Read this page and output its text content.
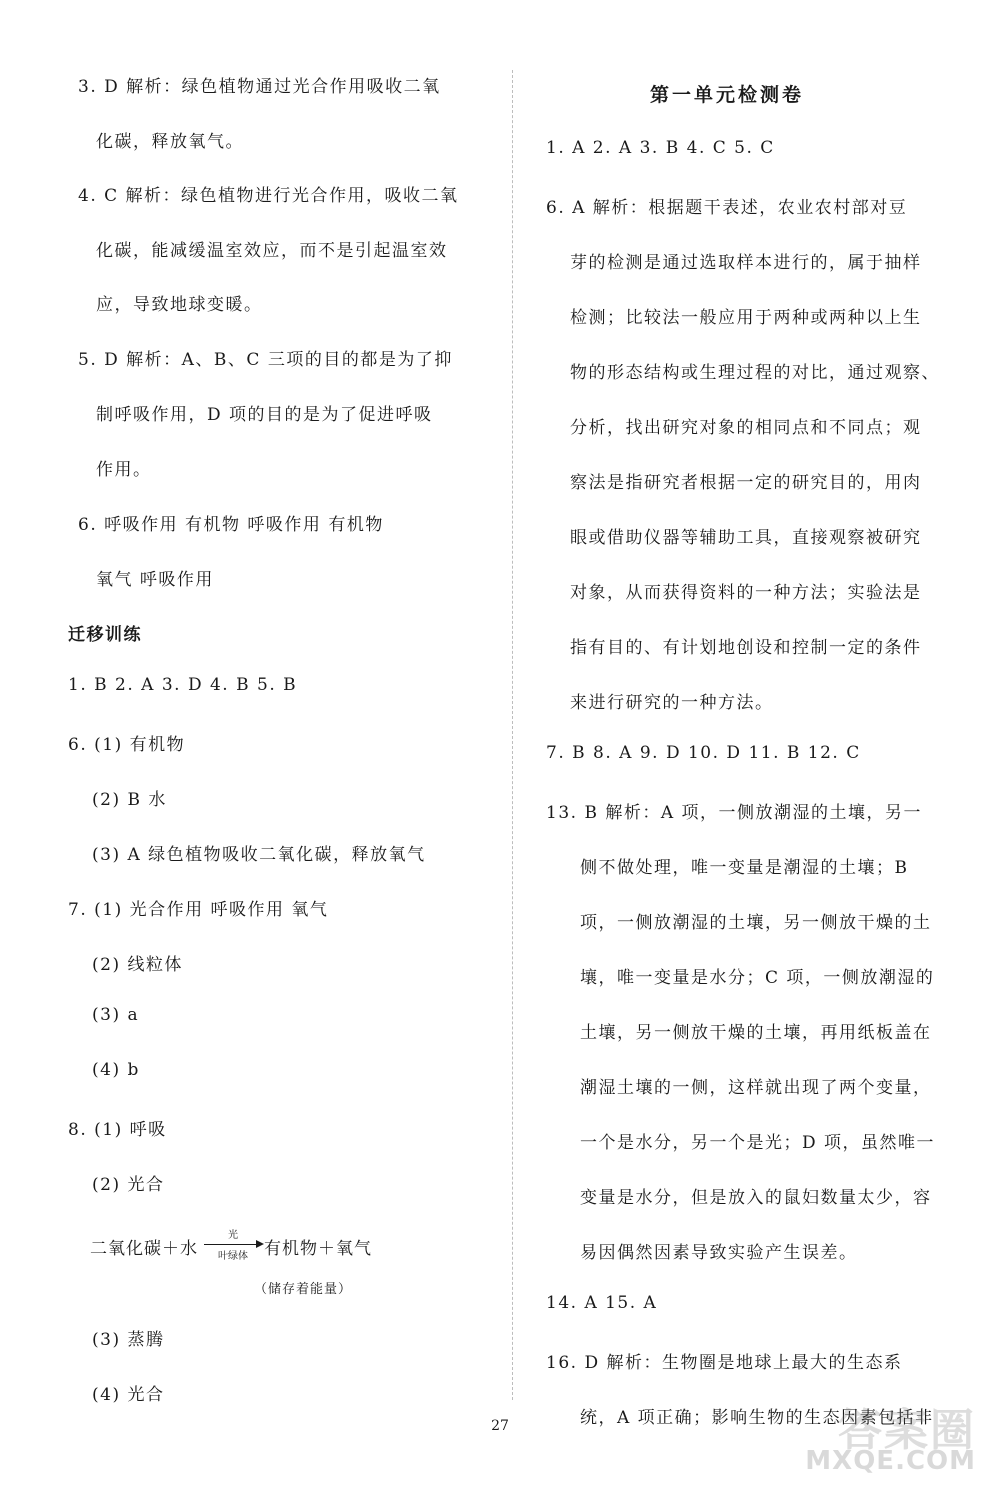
3. D 解析：绿色植物通过光合作用吸收二氧
化碳，释放氧气。
4. C 解析：绿色植物进行光合作用，吸收二氧
化碳，能减缓温室效应，而不是引起温室效
应，导致地球变暖。
5. D 解析：A、B、C 三项的目的都是为了抑
制呼吸作用，D 项的目的是为了促进呼吸
作用。
6. 呼吸作用 有机物 呼吸作用 有机物
氧气 呼吸作用
迁移训练
1. B 2. A 3. D 4. B 5. B
6. (1) 有机物
(2) B 水
(3) A 绿色植物吸收二氧化碳，释放氧气
7. (1) 光合作用 呼吸作用 氧气
(2) 线粒体
(3) a
(4) b
8. (1) 呼吸
(2) 光合
(3) 蒸腾
(4) 光合
二氧化碳＋水
光
叶绿体 有机物＋氧气
（储存着能量）
第一单元检测卷
1. A 2. A 3. B 4. C 5. C
6. A 解析：根据题干表述，农业农村部对豆
芽的检测是通过选取样本进行的，属于抽样
检测；比较法一般应用于两种或两种以上生
物的形态结构或生理过程的对比，通过观察、
分析，找出研究对象的相同点和不同点；观
察法是指研究者根据一定的研究目的，用肉
眼或借助仪器等辅助工具，直接观察被研究
对象，从而获得资料的一种方法；实验法是
指有目的、有计划地创设和控制一定的条件
来进行研究的一种方法。
7. B 8. A 9. D 10. D 11. B 12. C
13. B 解析：A 项，一侧放潮湿的土壤，另一
侧不做处理，唯一变量是潮湿的土壤；B
项，一侧放潮湿的土壤，另一侧放干燥的土
壤，唯一变量是水分；C 项，一侧放潮湿的
土壤，另一侧放干燥的土壤，再用纸板盖在
潮湿土壤的一侧，这样就出现了两个变量，
一个是水分，另一个是光；D 项，虽然唯一
变量是水分，但是放入的鼠妇数量太少，容
易因偶然因素导致实验产生误差。
14. A 15. A
16. D 解析：生物圈是地球上最大的生态系
统，A 项正确；影响生物的生态因素包括非
27	答案圈
MXQE.COM
